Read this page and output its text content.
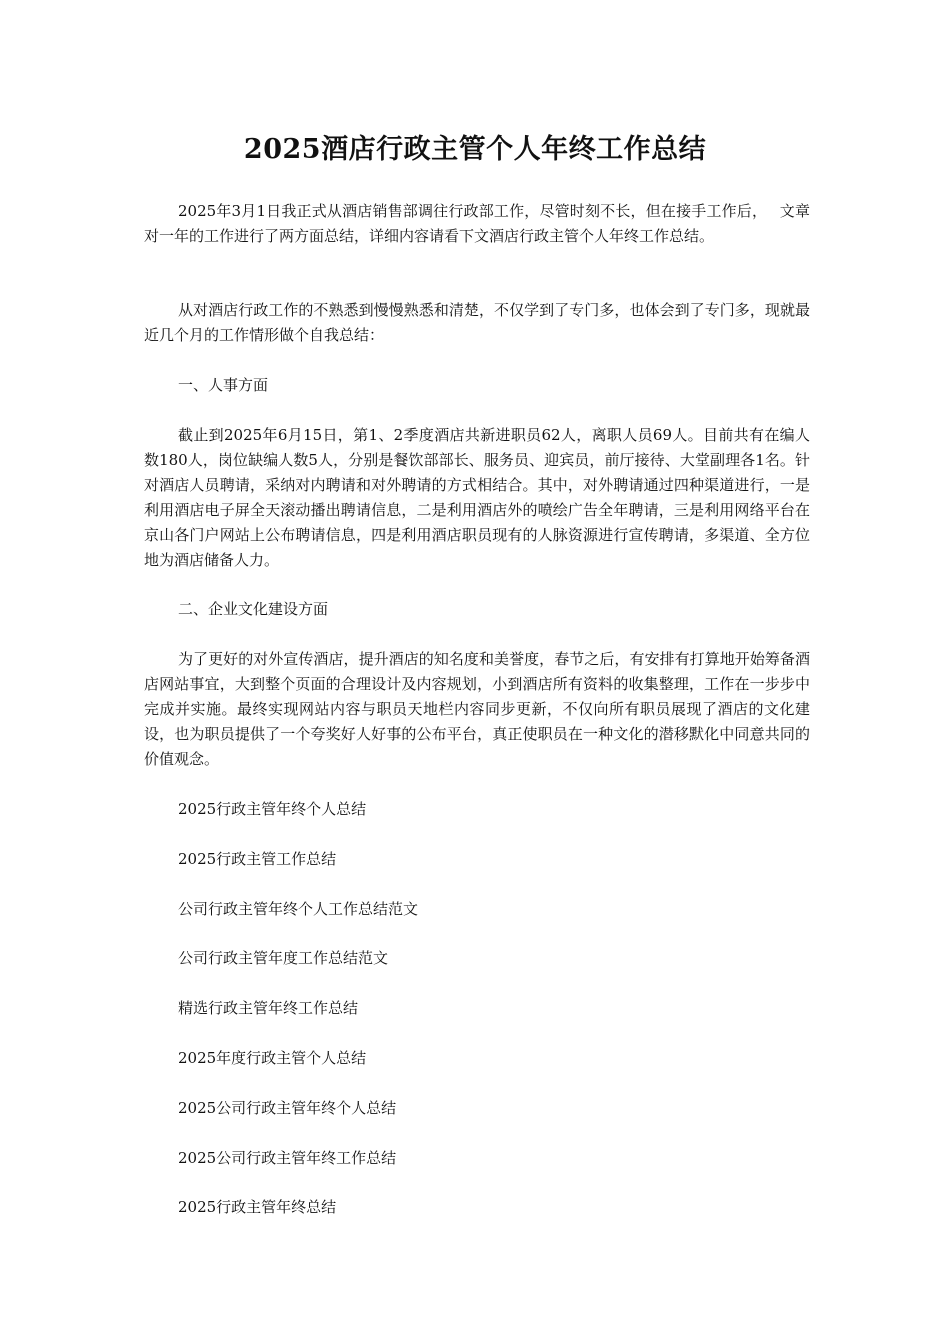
2025酒店行政主管个人年终工作总结
2025年3月1日我正式从酒店销售部调往行政部工作，尽管时刻不长，但在接手工作后，　 文章对一年的工作进行了两方面总结，详细内容请看下文酒店行政主管个人年终工作总结。
从对酒店行政工作的不熟悉到慢慢熟悉和清楚，不仅学到了专门多，也体会到了专门多，现就最近几个月的工作情形做个自我总结：
一、人事方面
截止到2025年6月15日，第1、2季度酒店共新进职员62人，离职人员69人。目前共有在编人数180人，岗位缺编人数5人，分别是餐饮部部长、服务员、迎宾员，前厅接待、大堂副理各1名。针对酒店人员聘请，采纳对内聘请和对外聘请的方式相结合。其中，对外聘请通过四种渠道进行，一是利用酒店电子屏全天滚动播出聘请信息，二是利用酒店外的喷绘广告全年聘请，三是利用网络平台在京山各门户网站上公布聘请信息，四是利用酒店职员现有的人脉资源进行宣传聘请，多渠道、全方位地为酒店储备人力。
二、企业文化建设方面
为了更好的对外宣传酒店，提升酒店的知名度和美誉度，春节之后，有安排有打算地开始筹备酒店网站事宜，大到整个页面的合理设计及内容规划，小到酒店所有资料的收集整理，工作在一步步中完成并实施。最终实现网站内容与职员天地栏内容同步更新，不仅向所有职员展现了酒店的文化建设，也为职员提供了一个夸奖好人好事的公布平台，真正使职员在一种文化的潜移默化中同意共同的价值观念。
2025行政主管年终个人总结
2025行政主管工作总结
公司行政主管年终个人工作总结范文
公司行政主管年度工作总结范文
精选行政主管年终工作总结
2025年度行政主管个人总结
2025公司行政主管年终个人总结
2025公司行政主管年终工作总结
2025行政主管年终总结
